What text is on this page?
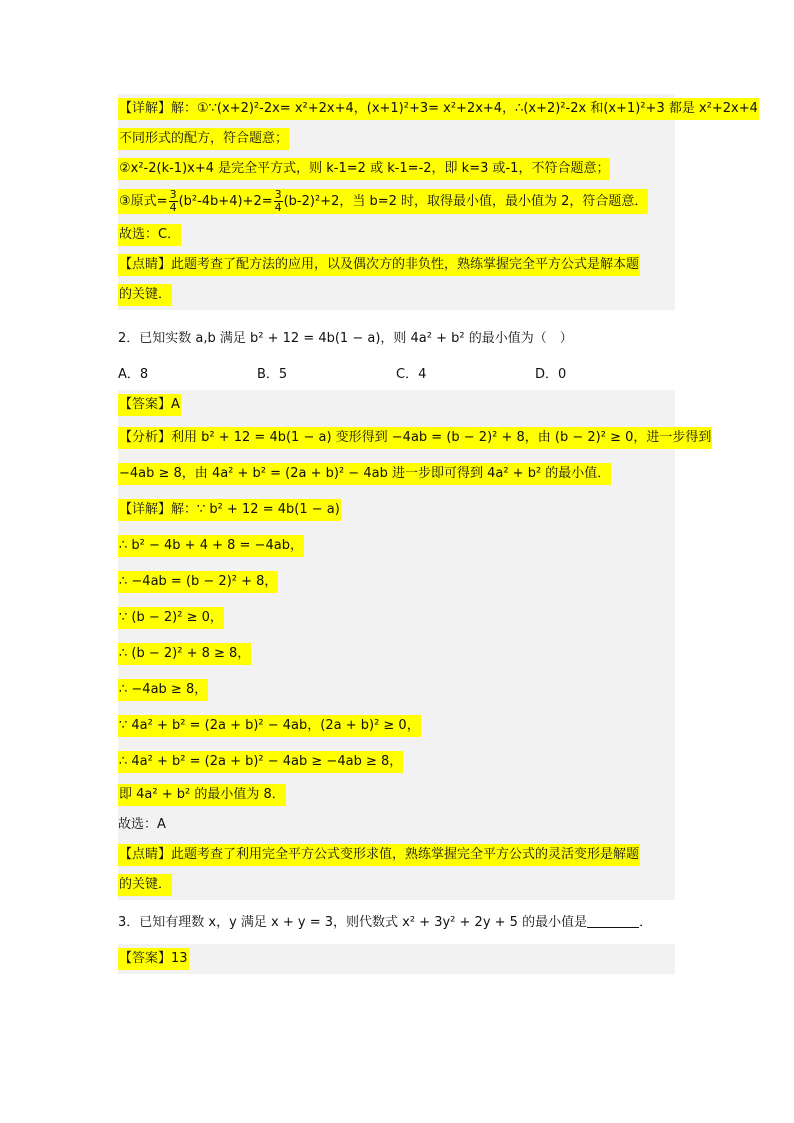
【详解】解：①∵(x+2)²-2x= x²+2x+4，(x+1)²+3= x²+2x+4，∴(x+2)²-2x 和(x+1)²+3 都是 x²+2x+4
不同形式的配方，符合题意；
②x²-2(k-1)x+4 是完全平方式，则 k-1=2 或 k-1=-2，即 k=3 或-1，不符合题意；
③原式= $\frac{3}{4} (b^2-4b+4)+2= \frac{3}{4} (b-2)^2+2$，当 b=2 时，取得最小值，最小值为 2，符合题意．
故选：C．
【点睛】此题考查了配方法的应用，以及偶次方的非负性，熟练掌握完全平方公式是解本题
的关键．
2．已知实数 a,b 满足 b² + 12 = 4b(1 − a)，则 4a² + b² 的最小值为（　）
A．8	B．5	C．4	D．0
【答案】A
【分析】利用 b² + 12 = 4b(1 − a) 变形得到 −4ab = (b − 2)² + 8，由 (b − 2)² ≥ 0，进一步得到
−4ab ≥ 8，由 4a² + b² = (2a + b)² − 4ab 进一步即可得到 4a² + b² 的最小值．
【详解】解：∵ b² + 12 = 4b(1 − a)
∴ b² − 4b + 4 + 8 = −4ab，
∴ −4ab = (b − 2)² + 8，
∵ (b − 2)² ≥ 0，
∴ (b − 2)² + 8 ≥ 8，
∴ −4ab ≥ 8，
∵ 4a² + b² = (2a + b)² − 4ab，(2a + b)² ≥ 0，
∴ 4a² + b² = (2a + b)² − 4ab ≥ −4ab ≥ 8，
即 4a² + b² 的最小值为 8．
故选：A
【点睛】此题考查了利用完全平方公式变形求值，熟练掌握完全平方公式的灵活变形是解题
的关键．
3．已知有理数 x，y 满足 x + y = 3，则代数式 x² + 3y² + 2y + 5 的最小值是	．
【答案】13
